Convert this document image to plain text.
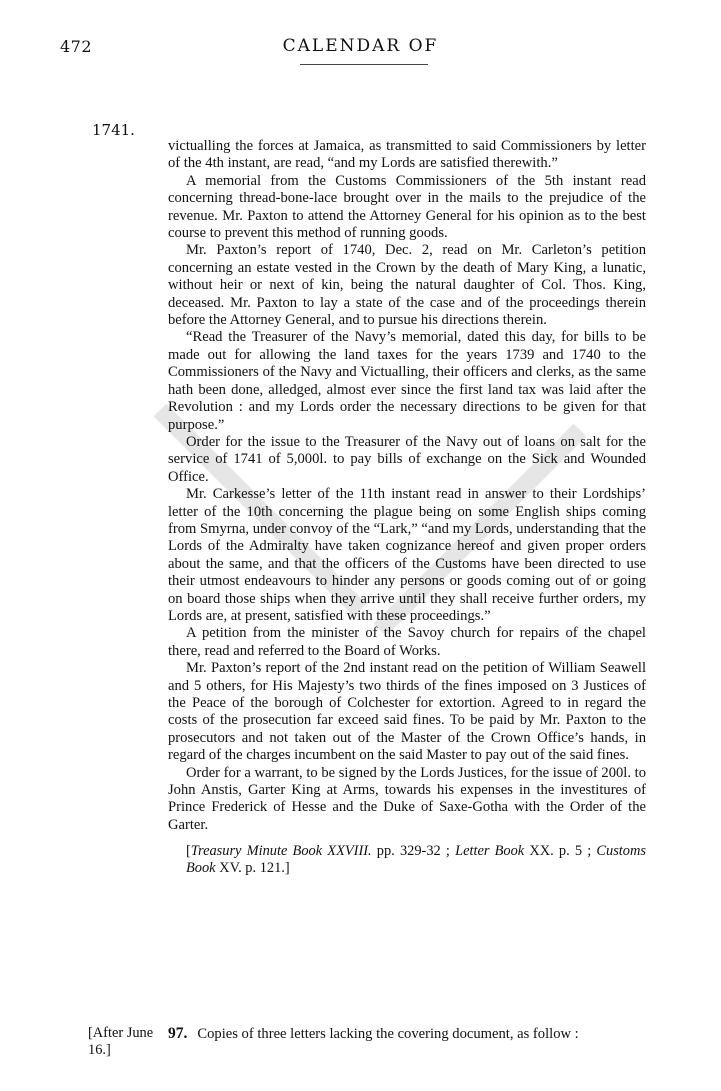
472	CALENDAR OF
1741.

victualling the forces at Jamaica, as transmitted to said Commissioners by letter of the 4th instant, are read, “and my Lords are satisfied therewith.”

A memorial from the Customs Commissioners of the 5th instant read concerning thread-bone-lace brought over in the mails to the prejudice of the revenue. Mr. Paxton to attend the Attorney General for his opinion as to the best course to prevent this method of running goods.

Mr. Paxton’s report of 1740, Dec. 2, read on Mr. Carleton’s petition concerning an estate vested in the Crown by the death of Mary King, a lunatic, without heir or next of kin, being the natural daughter of Col. Thos. King, deceased. Mr. Paxton to lay a state of the case and of the proceedings therein before the Attorney General, and to pursue his directions therein.

“Read the Treasurer of the Navy’s memorial, dated this day, for bills to be made out for allowing the land taxes for the years 1739 and 1740 to the Commissioners of the Navy and Victualling, their officers and clerks, as the same hath been done, alledged, almost ever since the first land tax was laid after the Revolution : and my Lords order the necessary directions to be given for that purpose.”

Order for the issue to the Treasurer of the Navy out of loans on salt for the service of 1741 of 5,000l. to pay bills of exchange on the Sick and Wounded Office.

Mr. Carkesse’s letter of the 11th instant read in answer to their Lordships’ letter of the 10th concerning the plague being on some English ships coming from Smyrna, under convoy of the “Lark,” “and my Lords, understanding that the Lords of the Admiralty have taken cognizance hereof and given proper orders about the same, and that the officers of the Customs have been directed to use their utmost endeavours to hinder any persons or goods coming out of or going on board those ships when they arrive until they shall receive further orders, my Lords are, at present, satisfied with these proceedings.”

A petition from the minister of the Savoy church for repairs of the chapel there, read and referred to the Board of Works.

Mr. Paxton’s report of the 2nd instant read on the petition of William Seawell and 5 others, for His Majesty’s two thirds of the fines imposed on 3 Justices of the Peace of the borough of Colchester for extortion. Agreed to in regard the costs of the prosecution far exceed said fines. To be paid by Mr. Paxton to the prosecutors and not taken out of the Master of the Crown Office’s hands, in regard of the charges incumbent on the said Master to pay out of the said fines.

Order for a warrant, to be signed by the Lords Justices, for the issue of 200l. to John Anstis, Garter King at Arms, towards his expenses in the investitures of Prince Frederick of Hesse and the Duke of Saxe-Gotha with the Order of the Garter.

[Treasury Minute Book XXVIII. pp. 329-32 ; Letter Book XX. p. 5 ; Customs Book XV. p. 121.]
[After June 16.]
97. Copies of three letters lacking the covering document, as follow :
